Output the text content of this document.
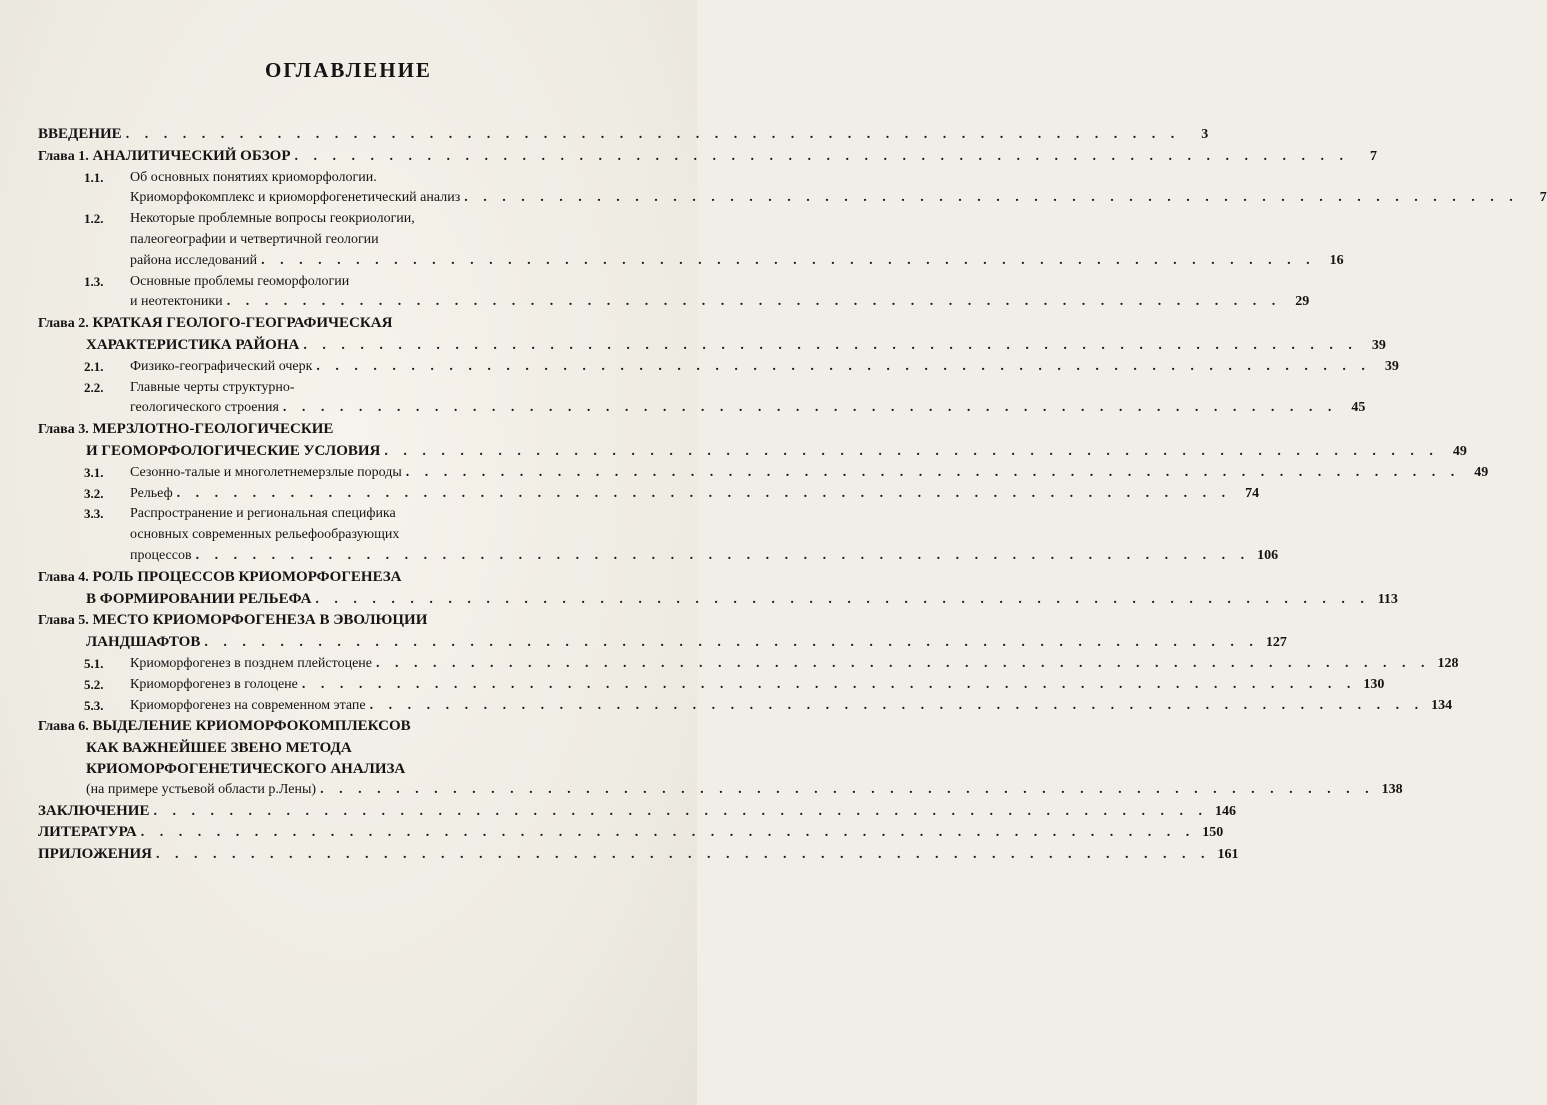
ОГЛАВЛЕНИЕ
ВВЕДЕНИЕ . . . . . . . . . . . . . . . . . . . . . . . . . . . . . . . . . . . . . . . . . . . . . . . . . . . . . . . .	3
Глава 1. АНАЛИТИЧЕСКИЙ ОБЗОР . . . . . . . . . . . . . . . . . . . . . . . . . . . . . . . . . . . . . . . . . . . . . . . . . . . . . . . .	7
1.1. Об основных понятиях криоморфологии.
Криоморфокомплекс и криоморфогенетический анализ . . . . . . . . . . . . . . . . . . . . . . . . . . . . . . . . . . . . . . . . . . . . . . . . . . . . . . . .	7
1.2. Некоторые проблемные вопросы геокриологии,
палеогеографии и четвертичной геологии
района исследований . . . . . . . . . . . . . . . . . . . . . . . . . . . . . . . . . . . . . . . . . . . . . . . . . . . . . . . .	16
1.3. Основные проблемы геоморфологии
и неотектоники . . . . . . . . . . . . . . . . . . . . . . . . . . . . . . . . . . . . . . . . . . . . . . . . . . . . . . . .	29
Глава 2. КРАТКАЯ ГЕОЛОГО-ГЕОГРАФИЧЕСКАЯ
ХАРАКТЕРИСТИКА РАЙОНА . . . . . . . . . . . . . . . . . . . . . . . . . . . . . . . . . . . . . . . . . . . . . . . . . . . . . . . .	39
2.1. Физико-географический очерк . . . . . . . . . . . . . . . . . . . . . . . . . . . . . . . . . . . . . . . . . . . . . . . . . . . . . . . .	39
2.2. Главные черты структурно-
геологического строения . . . . . . . . . . . . . . . . . . . . . . . . . . . . . . . . . . . . . . . . . . . . . . . . . . . . . . . .	45
Глава 3. МЕРЗЛОТНО-ГЕОЛОГИЧЕСКИЕ
И ГЕОМОРФОЛОГИЧЕСКИЕ УСЛОВИЯ . . . . . . . . . . . . . . . . . . . . . . . . . . . . . . . . . . . . . . . . . . . . . . . . . . . . . . . .	49
3.1. Сезонно-талые и многолетнемерзлые породы . . . . . . . . . . . . . . . . . . . . . . . . . . . . . . . . . . . . . . . . . . . . . . . . . . . . . . . .	49
3.2. Рельеф . . . . . . . . . . . . . . . . . . . . . . . . . . . . . . . . . . . . . . . . . . . . . . . . . . . . . . . .	74
3.3. Распространение и региональная специфика
основных современных рельефообразующих
процессов . . . . . . . . . . . . . . . . . . . . . . . . . . . . . . . . . . . . . . . . . . . . . . . . . . . . . . . . 106
Глава 4. РОЛЬ ПРОЦЕССОВ КРИОМОРФОГЕНЕЗА
В ФОРМИРОВАНИИ РЕЛЬЕФА . . . . . . . . . . . . . . . . . . . . . . . . . . . . . . . . . . . . . . . . . . . . . . . . . . . . . . . . 113
Глава 5. МЕСТО КРИОМОРФОГЕНЕЗА В ЭВОЛЮЦИИ
ЛАНДШАФТОВ . . . . . . . . . . . . . . . . . . . . . . . . . . . . . . . . . . . . . . . . . . . . . . . . . . . . . . . . 127
5.1. Криоморфогенез в позднем плейстоцене . . . . . . . . . . . . . . . . . . . . . . . . . . . . . . . . . . . . . . . . . . . . . . . . . . . . . . . . 128
5.2. Криоморфогенез в голоцене . . . . . . . . . . . . . . . . . . . . . . . . . . . . . . . . . . . . . . . . . . . . . . . . . . . . . . . . 130
5.3. Криоморфогенез на современном этапе . . . . . . . . . . . . . . . . . . . . . . . . . . . . . . . . . . . . . . . . . . . . . . . . . . . . . . . . 134
Глава 6. ВЫДЕЛЕНИЕ КРИОМОРФОКОМПЛЕКСОВ
КАК ВАЖНЕЙШЕЕ ЗВЕНО МЕТОДА
КРИОМОРФОГЕНЕТИЧЕСКОГО АНАЛИЗА
(на примере устьевой области р.Лены) . . . . . . . . . . . . . . . . . . . . . . . . . . . . . . . . . . . . . . . . . . . . . . . . . . . . . . . . 138
ЗАКЛЮЧЕНИЕ . . . . . . . . . . . . . . . . . . . . . . . . . . . . . . . . . . . . . . . . . . . . . . . . . . . . . . . . 146
ЛИТЕРАТУРА . . . . . . . . . . . . . . . . . . . . . . . . . . . . . . . . . . . . . . . . . . . . . . . . . . . . . . . . 150
ПРИЛОЖЕНИЯ . . . . . . . . . . . . . . . . . . . . . . . . . . . . . . . . . . . . . . . . . . . . . . . . . . . . . . . . 161
